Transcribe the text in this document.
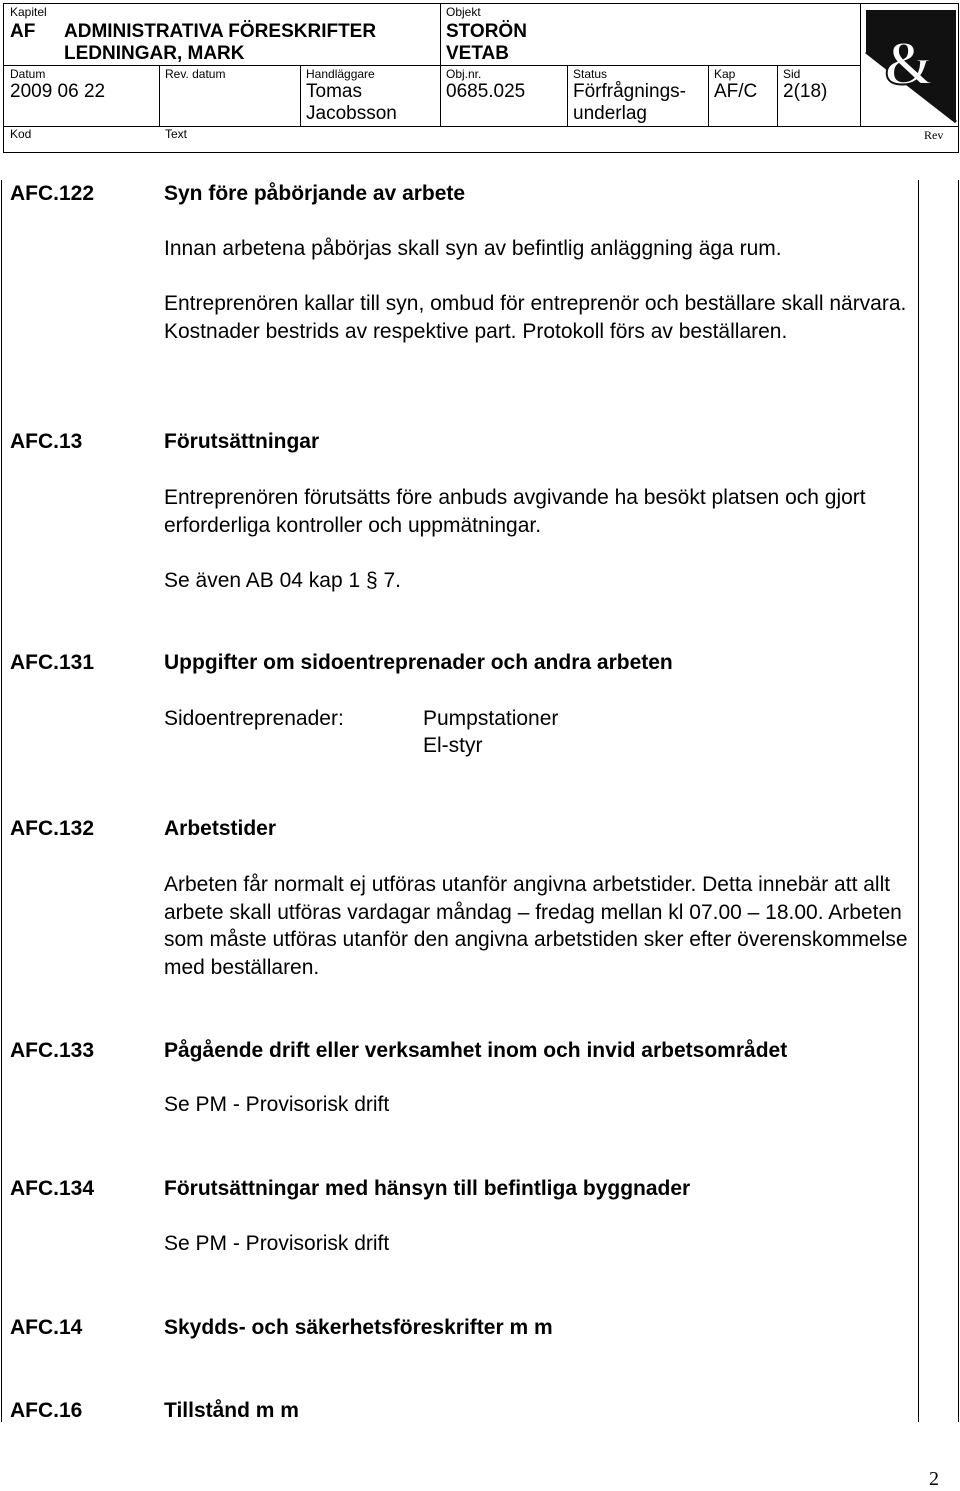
Kapitel
AF ADMINISTRATIVA FÖRESKRIFTER
LEDNINGAR, MARK
Objekt
STORÖN
VETAB
Datum
2009 06 22
Rev. datum	Handläggare
Tomas
Jacobsson
Obj.nr.
0685.025
Status
Förfrågnings-
underlag
Kap
AF/C
Sid
2(18)
Kod	Text	Rev
&
AFC.122	Syn före påbörjande av arbete
Innan arbetena påbörjas skall syn av befintlig anläggning äga rum.
Entreprenören kallar till syn, ombud för entreprenör och beställare skall närvara. Kostnader bestrids av respektive part. Protokoll förs av beställaren.
AFC.13	Förutsättningar
Entreprenören förutsätts före anbuds avgivande ha besökt platsen och gjort erforderliga kontroller och uppmätningar.
Se även AB 04 kap 1 § 7.
AFC.131	Uppgifter om sidoentreprenader och andra arbeten
Sidoentreprenader:	Pumpstationer
El-styr
AFC.132	Arbetstider
Arbeten får normalt ej utföras utanför angivna arbetstider. Detta innebär att allt arbete skall utföras vardagar måndag – fredag mellan kl 07.00 – 18.00. Arbeten som måste utföras utanför den angivna arbetstiden sker efter överenskommelse med beställaren.
AFC.133	Pågående drift eller verksamhet inom och invid arbetsområdet
Se PM - Provisorisk drift
AFC.134	Förutsättningar med hänsyn till befintliga byggnader
Se PM - Provisorisk drift
AFC.14	Skydds- och säkerhetsföreskrifter m m
AFC.16	Tillstånd m m
2
